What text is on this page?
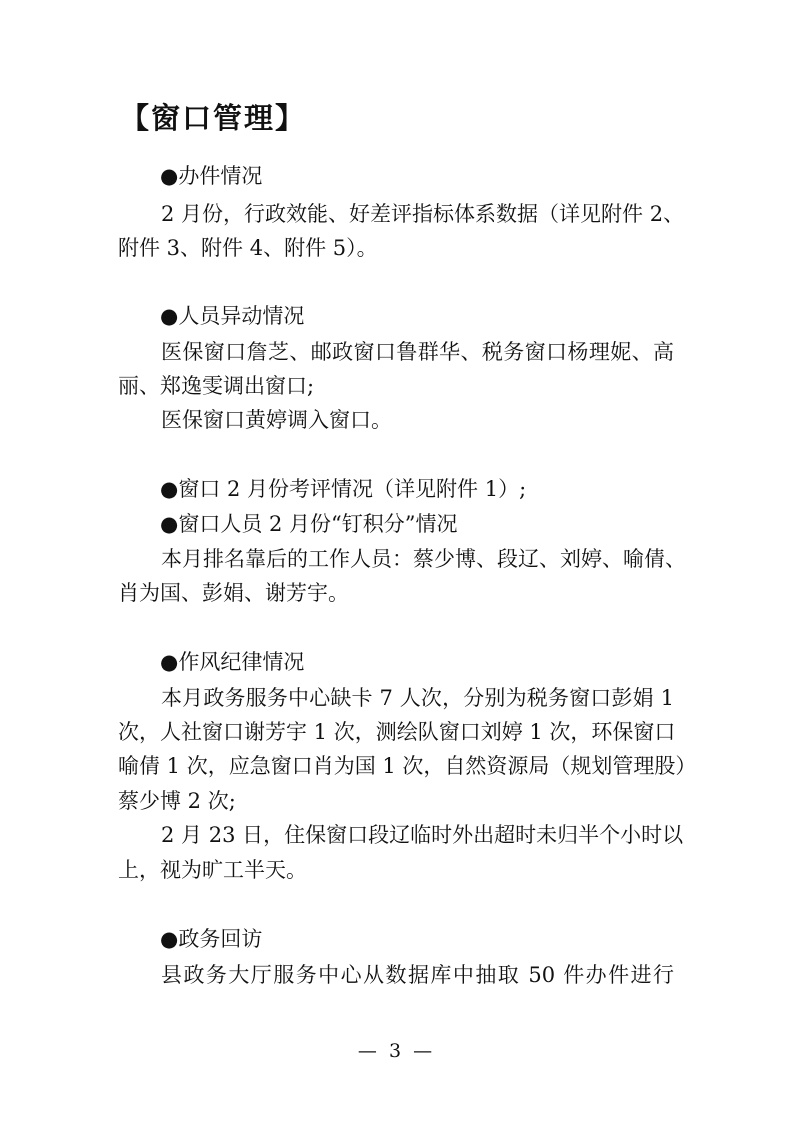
【窗口管理】
●办件情况
2 月份，行政效能、好差评指标体系数据（详见附件 2、
附件 3、附件 4、附件 5）。
●人员异动情况
医保窗口詹芝、邮政窗口鲁群华、税务窗口杨理妮、高
丽、郑逸雯调出窗口;
医保窗口黄婷调入窗口。
●窗口 2 月份考评情况（详见附件 1）;
●窗口人员 2 月份“钉积分”情况
本月排名靠后的工作人员：蔡少博、段辽、刘婷、喻倩、
肖为国、彭娟、谢芳宇。
●作风纪律情况
本月政务服务中心缺卡 7 人次，分别为税务窗口彭娟 1
次，人社窗口谢芳宇 1 次，测绘队窗口刘婷 1 次，环保窗口
喻倩 1 次，应急窗口肖为国 1 次，自然资源局（规划管理股）
蔡少博 2 次;
2 月 23 日，住保窗口段辽临时外出超时未归半个小时以
上，视为旷工半天。
●政务回访
县政务大厅服务中心从数据库中抽取 50 件办件进行
— 3 —
